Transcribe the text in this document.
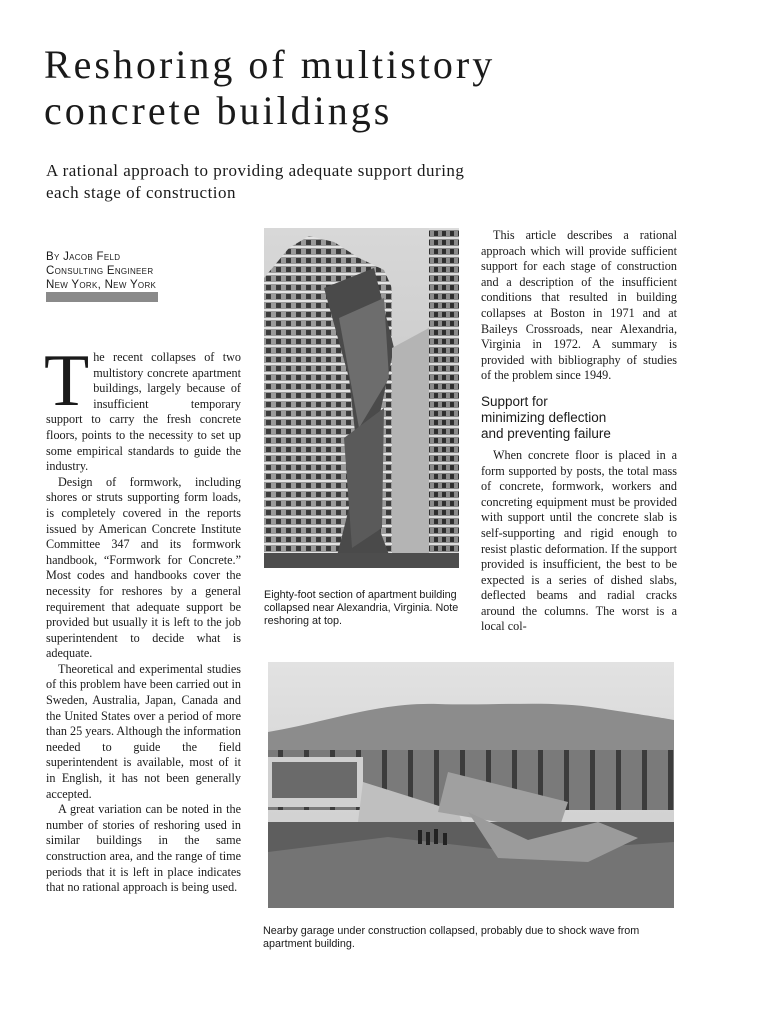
Reshoring of multistory
concrete buildings

A rational approach to providing adequate support during each stage of construction

By Jacob Feld
Consulting Engineer
New York, New York

The recent collapses of two multistory concrete apartment buildings, largely because of insufficient temporary support to carry the fresh concrete floors, points to the necessity to set up some empirical standards to guide the industry.

Design of formwork, including shores or struts supporting form loads, is completely covered in the reports issued by American Concrete Institute Committee 347 and its formwork handbook, “Formwork for Concrete.” Most codes and handbooks cover the necessity for reshores by a general requirement that adequate support be provided but usually it is left to the job superintendent to decide what is adequate.

Theoretical and experimental studies of this problem have been carried out in Sweden, Australia, Japan, Canada and the United States over a period of more than 25 years. Although the information needed to guide the field superintendent is available, most of it in English, it has not been generally accepted.

A great variation can be noted in the number of stories of reshoring used in similar buildings in the same construction area, and the range of time periods that it is left in place indicates that no rational approach is being used.

Eighty-foot section of apartment building collapsed near Alexandria, Virginia. Note reshoring at top.

This article describes a rational approach which will provide sufficient support for each stage of construction and a description of the insufficient conditions that resulted in building collapses at Boston in 1971 and at Baileys Crossroads, near Alexandria, Virginia in 1972. A summary is provided with bibliography of studies of the problem since 1949.

Support for
minimizing deflection
and preventing failure

When concrete floor is placed in a form supported by posts, the total mass of concrete, formwork, workers and concreting equipment must be provided with support until the concrete slab is self-supporting and rigid enough to resist plastic deformation. If the support provided is insufficient, the best to be expected is a series of dished slabs, deflected beams and radial cracks around the columns. The worst is a local col-

Nearby garage under construction collapsed, probably due to shock wave from apartment building.
